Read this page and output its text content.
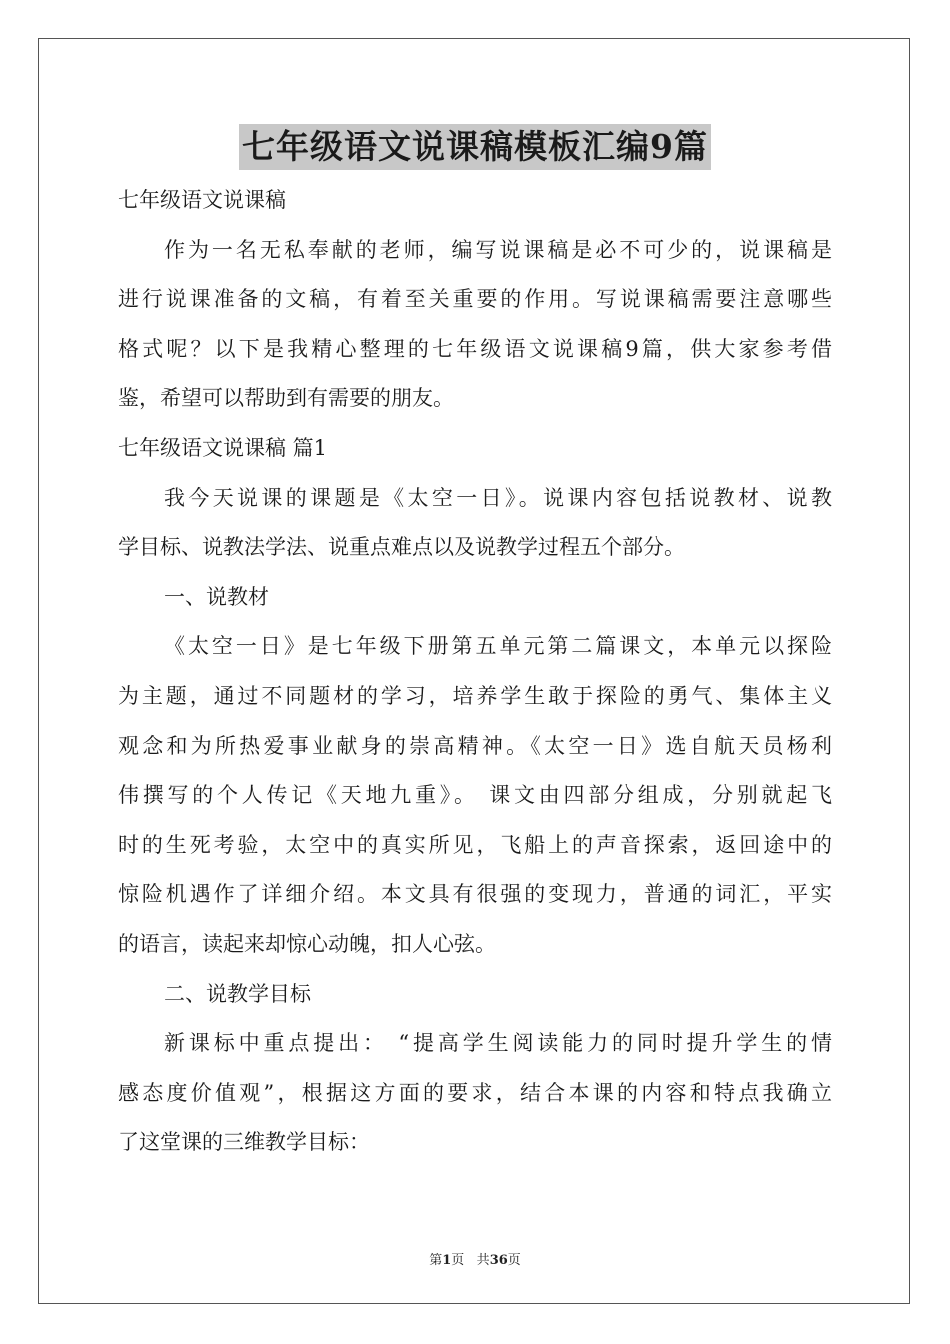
七年级语文说课稿模板汇编9篇
七年级语文说课稿
作为一名无私奉献的老师，编写说课稿是必不可少的，说课稿是
进行说课准备的文稿，有着至关重要的作用。写说课稿需要注意哪些
格式呢？以下是我精心整理的七年级语文说课稿9篇，供大家参考借
鉴，希望可以帮助到有需要的朋友。
七年级语文说课稿 篇1
我今天说课的课题是《太空一日》。说课内容包括说教材、说教
学目标、说教法学法、说重点难点以及说教学过程五个部分。
一、说教材
《太空一日》是七年级下册第五单元第二篇课文，本单元以探险
为主题，通过不同题材的学习，培养学生敢于探险的勇气、集体主义
观念和为所热爱事业献身的崇高精神。《太空一日》选自航天员杨利
伟撰写的个人传记《天地九重》。 课文由四部分组成，分别就起飞
时的生死考验，太空中的真实所见，飞船上的声音探索，返回途中的
惊险机遇作了详细介绍。本文具有很强的变现力，普通的词汇，平实
的语言，读起来却惊心动魄，扣人心弦。
二、说教学目标
新课标中重点提出： “提高学生阅读能力的同时提升学生的情
感态度价值观”，根据这方面的要求，结合本课的内容和特点我确立
了这堂课的三维教学目标：
第1页 共36页
